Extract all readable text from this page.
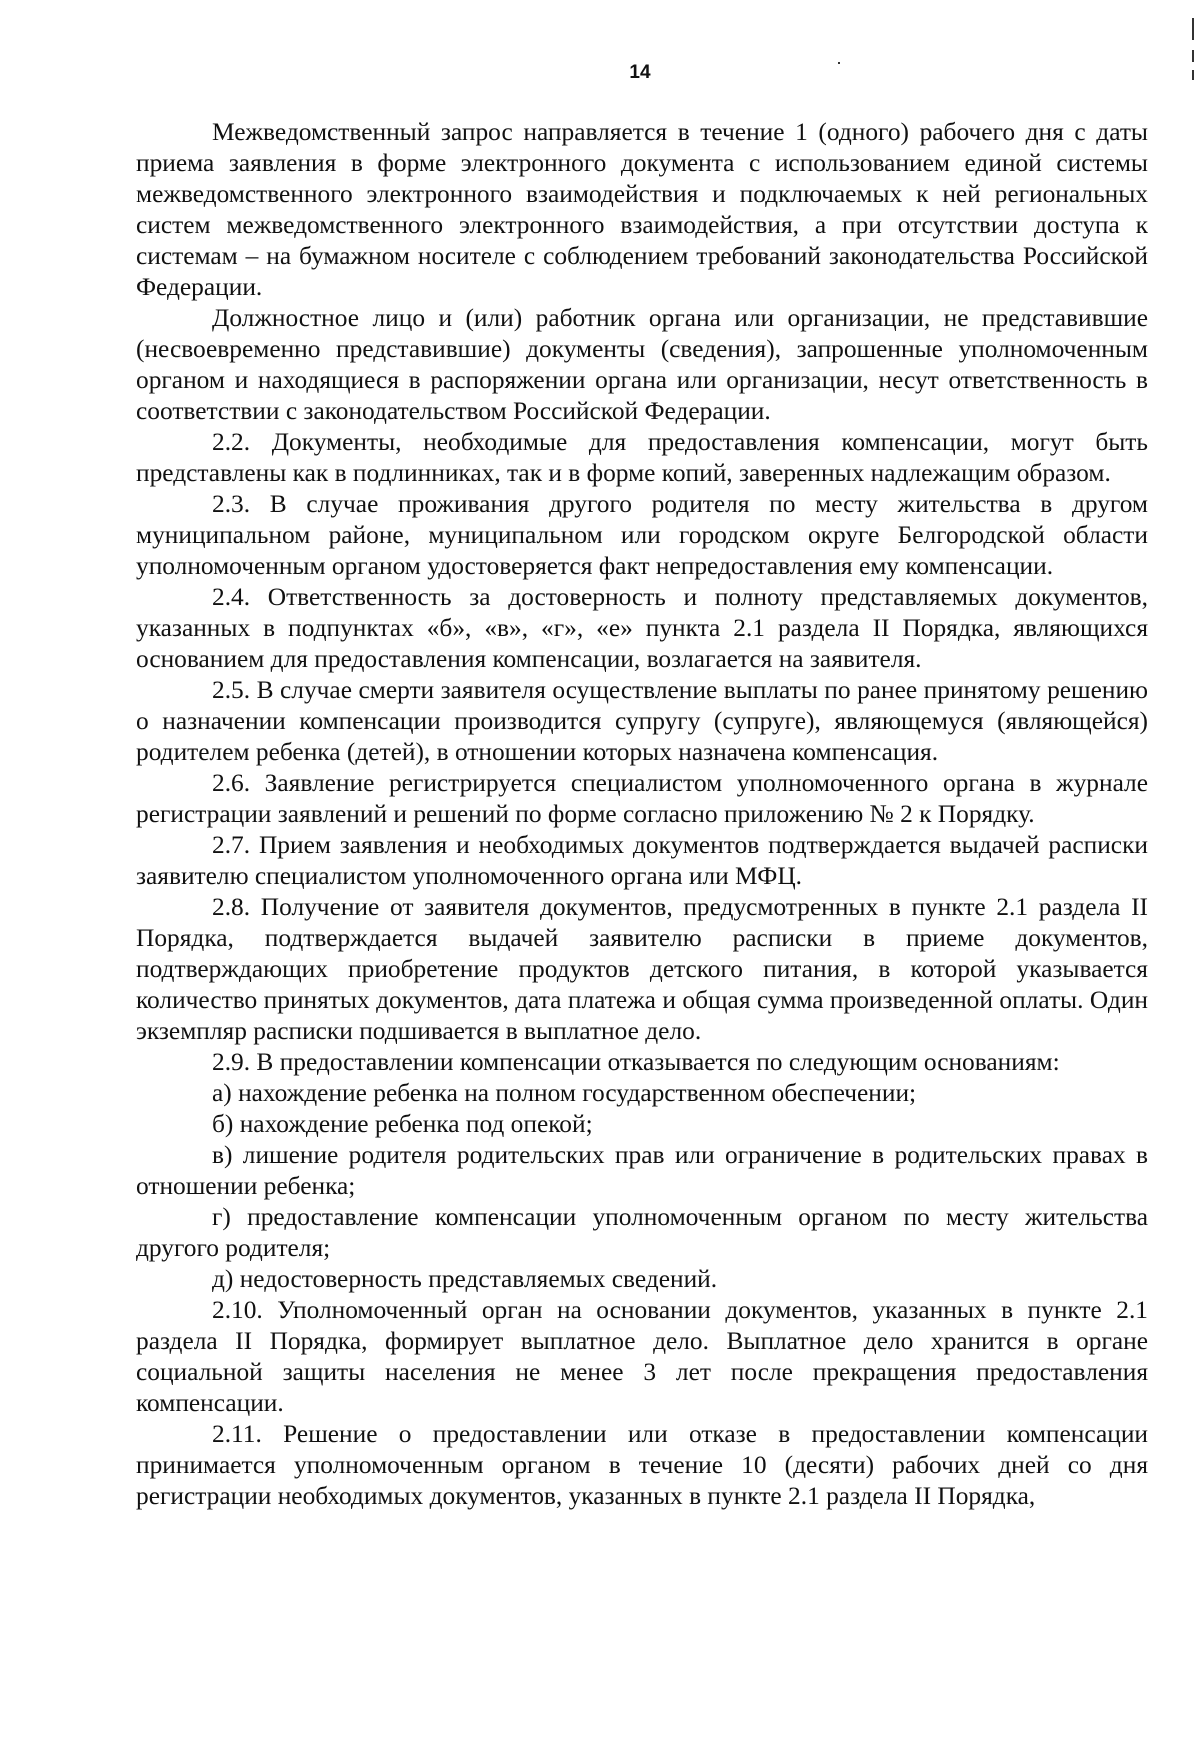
14

Межведомственный запрос направляется в течение 1 (одного) рабочего дня с даты приема заявления в форме электронного документа с использованием единой системы межведомственного электронного взаимодействия и подключаемых к ней региональных систем межведомственного электронного взаимодействия, а при отсутствии доступа к системам – на бумажном носителе с соблюдением требований законодательства Российской Федерации.

Должностное лицо и (или) работник органа или организации, не представившие (несвоевременно представившие) документы (сведения), запрошенные уполномоченным органом и находящиеся в распоряжении органа или организации, несут ответственность в соответствии с законодательством Российской Федерации.

2.2. Документы, необходимые для предоставления компенсации, могут быть представлены как в подлинниках, так и в форме копий, заверенных надлежащим образом.

2.3. В случае проживания другого родителя по месту жительства в другом муниципальном районе, муниципальном или городском округе Белгородской области уполномоченным органом удостоверяется факт непредоставления ему компенсации.

2.4. Ответственность за достоверность и полноту представляемых документов, указанных в подпунктах «б», «в», «г», «е» пункта 2.1 раздела II Порядка, являющихся основанием для предоставления компенсации, возлагается на заявителя.

2.5. В случае смерти заявителя осуществление выплаты по ранее принятому решению о назначении компенсации производится супругу (супруге), являющемуся (являющейся) родителем ребенка (детей), в отношении которых назначена компенсация.

2.6. Заявление регистрируется специалистом уполномоченного органа в журнале регистрации заявлений и решений по форме согласно приложению № 2 к Порядку.

2.7. Прием заявления и необходимых документов подтверждается выдачей расписки заявителю специалистом уполномоченного органа или МФЦ.

2.8. Получение от заявителя документов, предусмотренных в пункте 2.1 раздела II Порядка, подтверждается выдачей заявителю расписки в приеме документов, подтверждающих приобретение продуктов детского питания, в которой указывается количество принятых документов, дата платежа и общая сумма произведенной оплаты. Один экземпляр расписки подшивается в выплатное дело.

2.9. В предоставлении компенсации отказывается по следующим основаниям:

а) нахождение ребенка на полном государственном обеспечении;

б) нахождение ребенка под опекой;

в) лишение родителя родительских прав или ограничение в родительских правах в отношении ребенка;

г) предоставление компенсации уполномоченным органом по месту жительства другого родителя;

д) недостоверность представляемых сведений.

2.10. Уполномоченный орган на основании документов, указанных в пункте 2.1 раздела II Порядка, формирует выплатное дело. Выплатное дело хранится в органе социальной защиты населения не менее 3 лет после прекращения предоставления компенсации.

2.11. Решение о предоставлении или отказе в предоставлении компенсации принимается уполномоченным органом в течение 10 (десяти) рабочих дней со дня регистрации необходимых документов, указанных в пункте 2.1 раздела II Порядка,
